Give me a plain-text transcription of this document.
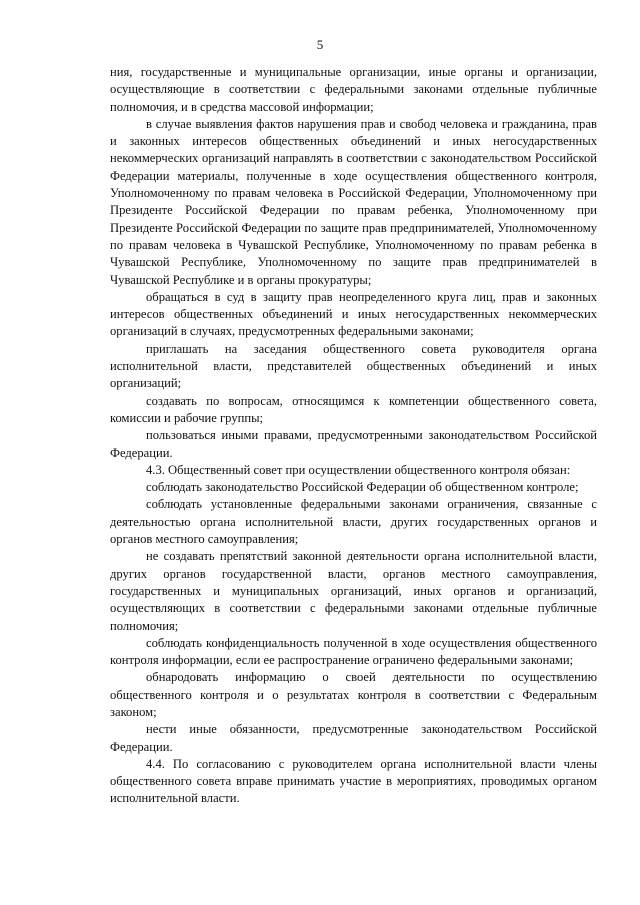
5

ния, государственные и муниципальные организации, иные органы и организации, осуществляющие в соответствии с федеральными законами отдельные публичные полномочия, и в средства массовой информации;

в случае выявления фактов нарушения прав и свобод человека и гражданина, прав и законных интересов общественных объединений и иных негосударственных некоммерческих организаций направлять в соответствии с законодательством Российской Федерации материалы, полученные в ходе осуществления общественного контроля, Уполномоченному по правам человека в Российской Федерации, Уполномоченному при Президенте Российской Федерации по правам ребенка, Уполномоченному при Президенте Российской Федерации по защите прав предпринимателей, Уполномоченному по правам человека в Чувашской Республике, Уполномоченному по правам ребенка в Чувашской Республике, Уполномоченному по защите прав предпринимателей в Чувашской Республике и в органы прокуратуры;

обращаться в суд в защиту прав неопределенного круга лиц, прав и законных интересов общественных объединений и иных негосударственных некоммерческих организаций в случаях, предусмотренных федеральными законами;

приглашать на заседания общественного совета руководителя органа исполнительной власти, представителей общественных объединений и иных организаций;

создавать по вопросам, относящимся к компетенции общественного совета, комиссии и рабочие группы;

пользоваться иными правами, предусмотренными законодательством Российской Федерации.

4.3. Общественный совет при осуществлении общественного контроля обязан:

соблюдать законодательство Российской Федерации об общественном контроле;

соблюдать установленные федеральными законами ограничения, связанные с деятельностью органа исполнительной власти, других государственных органов и органов местного самоуправления;

не создавать препятствий законной деятельности органа исполнительной власти, других органов государственной власти, органов местного самоуправления, государственных и муниципальных организаций, иных органов и организаций, осуществляющих в соответствии с федеральными законами отдельные публичные полномочия;

соблюдать конфиденциальность полученной в ходе осуществления общественного контроля информации, если ее распространение ограничено федеральными законами;

обнародовать информацию о своей деятельности по осуществлению общественного контроля и о результатах контроля в соответствии с Федеральным законом;

нести иные обязанности, предусмотренные законодательством Российской Федерации.

4.4. По согласованию с руководителем органа исполнительной власти члены общественного совета вправе принимать участие в мероприятиях, проводимых органом исполнительной власти.
